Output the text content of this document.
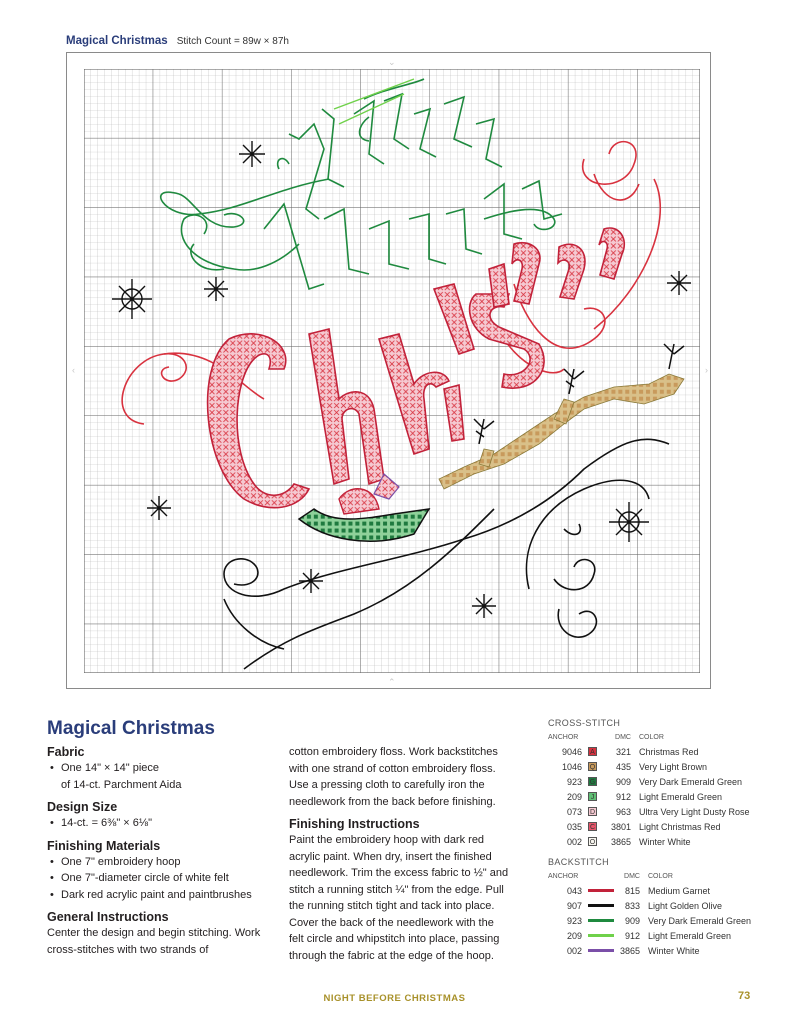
Magical Christmas Stitch Count = 89w × 87h
⌄
⌃
‹	›
Magical Christmas
Fabric
• One 14" × 14" piece
of 14-ct. Parchment Aida
Design Size
• 14-ct. = 6⅜" × 6⅛"
Finishing Materials
• One 7" embroidery hoop
• One 7"-diameter circle of white felt
• Dark red acrylic paint and paintbrushes
General Instructions

Center the design and begin stitching. Work cross-stitches with two strands of

cotton embroidery floss. Work backstitches with one strand of cotton embroidery floss. Use a pressing cloth to carefully iron the needlework from the back before finishing.

Finishing Instructions

Paint the embroidery hoop with dark red acrylic paint. When dry, insert the finished needlework. Trim the excess fabric to ½" and stitch a running stitch ¼" from the edge. Pull the running stitch tight and tack into place. Cover the back of the needlework with the felt circle and whipstitch into place, passing through the fabric at the edge of the hoop.

CROSS-STITCH
ANCHOR	DMC COLOR
9046	A	321 Christmas Red
1046 Q	435 Very Light Brown
923 G	909 Very Dark Emerald Green
209	J	912 Light Emerald Green
073 D	963 Ultra Very Light Dusty Rose
035 C	3801 Light Christmas Red
002 O	3865 Winter White
BACKSTITCH
ANCHOR	DMC COLOR
043	815 Medium Garnet
907	833 Light Golden Olive
923	909 Very Dark Emerald Green
209	912 Light Emerald Green
002	3865 Winter White
NIGHT BEFORE CHRISTMAS	73
